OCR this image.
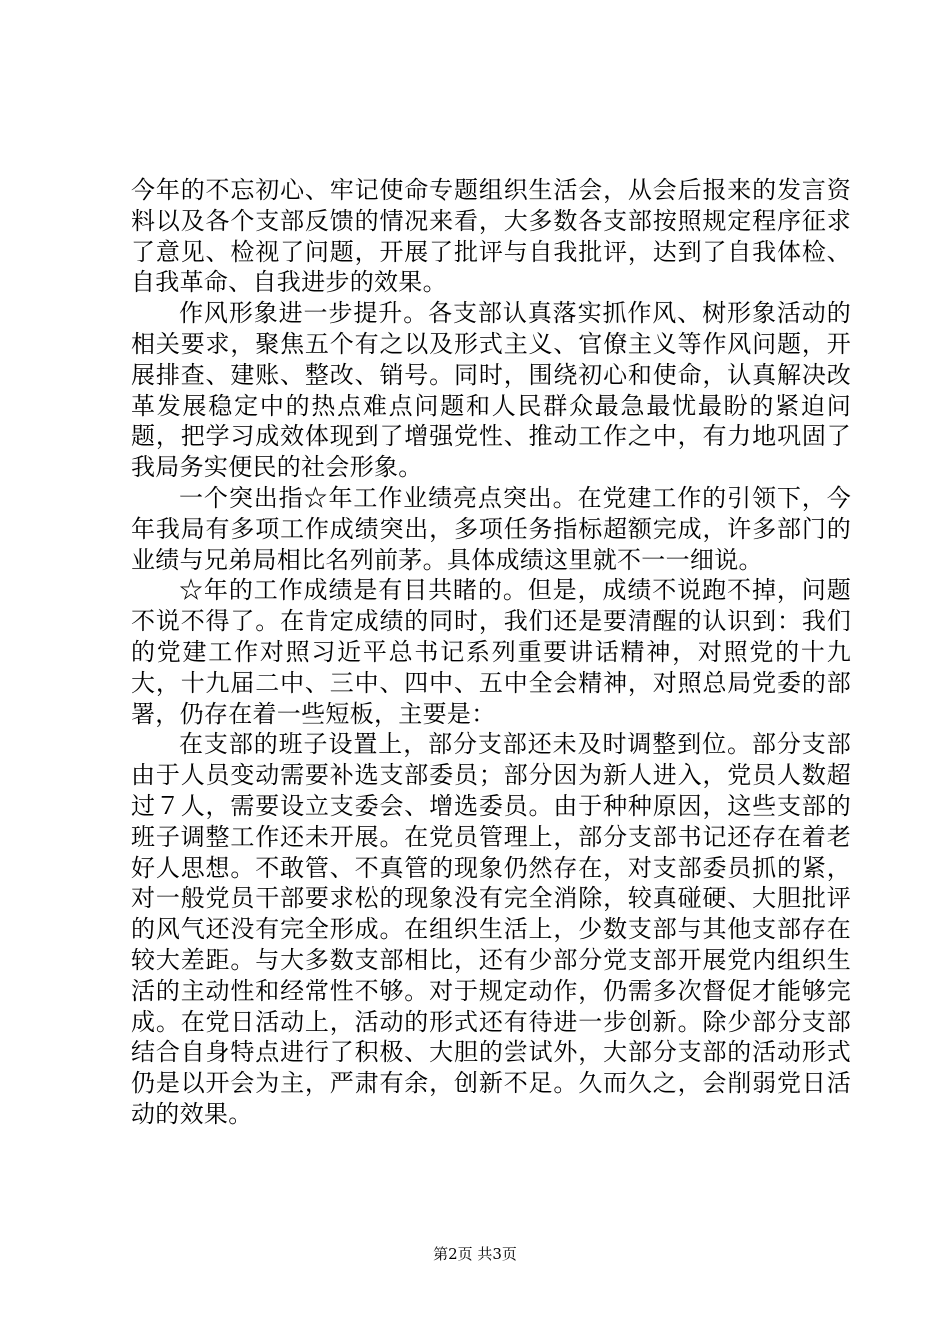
今年的不忘初心、牢记使命专题组织生活会，从会后报来的发言资料以及各个支部反馈的情况来看，大多数各支部按照规定程序征求了意见、检视了问题，开展了批评与自我批评，达到了自我体检、自我革命、自我进步的效果。

作风形象进一步提升。各支部认真落实抓作风、树形象活动的相关要求，聚焦五个有之以及形式主义、官僚主义等作风问题，开展排查、建账、整改、销号。同时，围绕初心和使命，认真解决改革发展稳定中的热点难点问题和人民群众最急最忧最盼的紧迫问题，把学习成效体现到了增强党性、推动工作之中，有力地巩固了我局务实便民的社会形象。

一个突出指☆年工作业绩亮点突出。在党建工作的引领下，今年我局有多项工作成绩突出，多项任务指标超额完成，许多部门的业绩与兄弟局相比名列前茅。具体成绩这里就不一一细说。

☆年的工作成绩是有目共睹的。但是，成绩不说跑不掉，问题不说不得了。在肯定成绩的同时，我们还是要清醒的认识到：我们的党建工作对照习近平总书记系列重要讲话精神，对照党的十九大，十九届二中、三中、四中、五中全会精神，对照总局党委的部署，仍存在着一些短板，主要是：

在支部的班子设置上，部分支部还未及时调整到位。部分支部由于人员变动需要补选支部委员；部分因为新人进入，党员人数超过７人，需要设立支委会、增选委员。由于种种原因，这些支部的班子调整工作还未开展。在党员管理上，部分支部书记还存在着老好人思想。不敢管、不真管的现象仍然存在，对支部委员抓的紧，对一般党员干部要求松的现象没有完全消除，较真碰硬、大胆批评的风气还没有完全形成。在组织生活上，少数支部与其他支部存在较大差距。与大多数支部相比，还有少部分党支部开展党内组织生活的主动性和经常性不够。对于规定动作，仍需多次督促才能够完成。在党日活动上，活动的形式还有待进一步创新。除少部分支部结合自身特点进行了积极、大胆的尝试外，大部分支部的活动形式仍是以开会为主，严肃有余，创新不足。久而久之，会削弱党日活动的效果。

第2页 共3页
